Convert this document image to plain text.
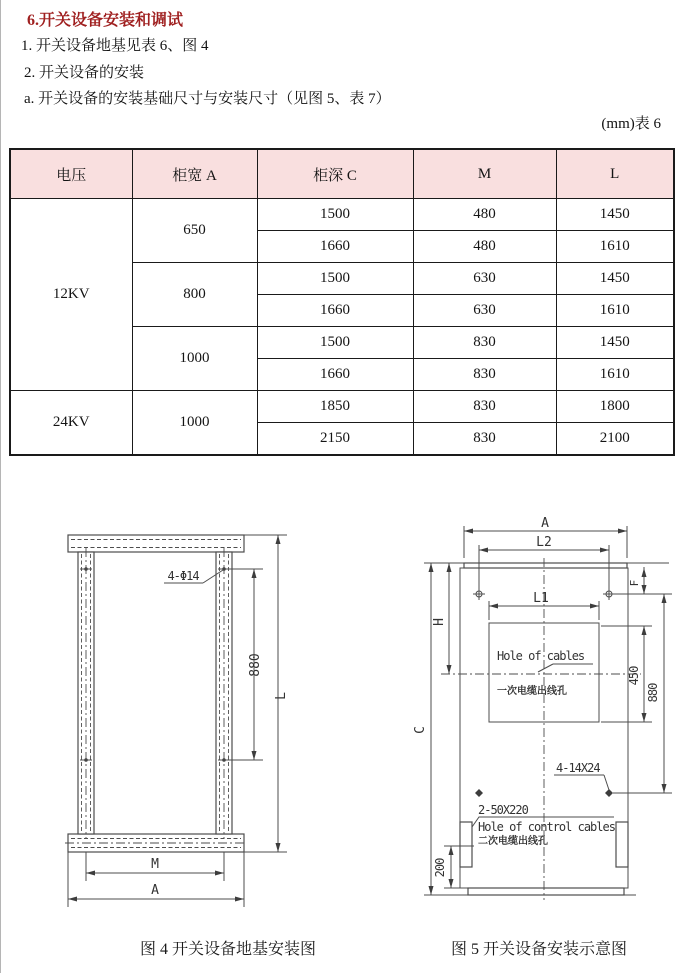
6.开关设备安装和调试
1. 开关设备地基见表 6、图 4
2. 开关设备的安装
a. 开关设备的安装基础尺寸与安装尺寸（见图 5、表 7）
(mm)表 6
电压	柜宽 A	柜深 C	M	L
12KV	650	1500	480	1450
		1660	480	1610
	800	1500	630	1450
		1660	630	1610
	1000	1500	830	1450
		1660	830	1610
24KV	1000	1850	830	1800
		2150	830	2100
4-Φ14
880
L
M
A
A
L2
L1
H
C
F
450
880
200
Hole of cables
一次电缆出线孔
4-14X24
2-50X220
Hole of control cables
二次电缆出线孔
图 4 开关设备地基安装图	图 5 开关设备安装示意图
